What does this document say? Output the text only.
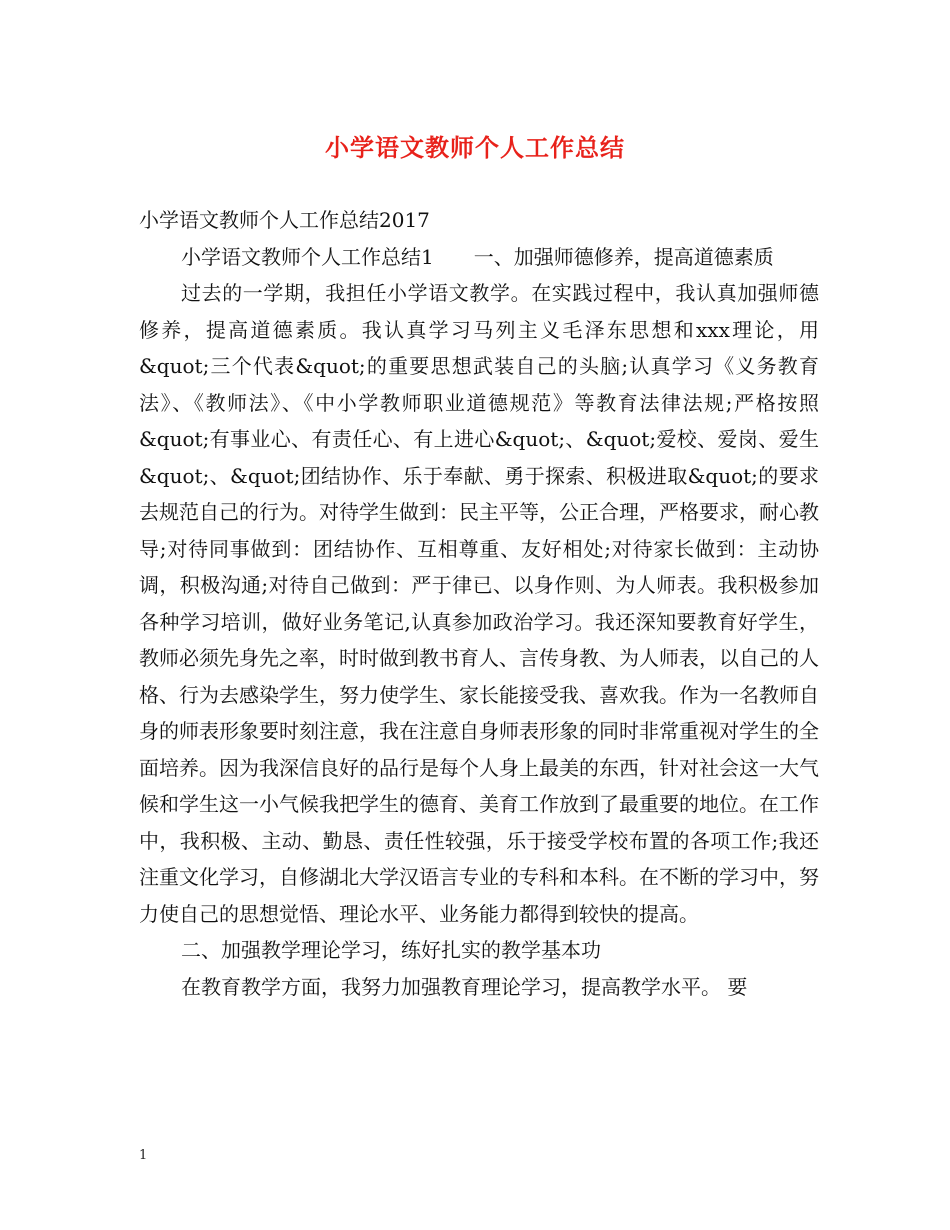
小学语文教师个人工作总结

小学语文教师个人工作总结2017

小学语文教师个人工作总结1　　一、加强师德修养，提高道德素质

过去的一学期，我担任小学语文教学。在实践过程中，我认真加强师德修养，提高道德素质。我认真学习马列主义毛泽东思想和xxx理论，用&quot;三个代表&quot;的重要思想武装自己的头脑;认真学习《义务教育法》、《教师法》、《中小学教师职业道德规范》等教育法律法规;严格按照&quot;有事业心、有责任心、有上进心&quot;、&quot;爱校、爱岗、爱生&quot;、&quot;团结协作、乐于奉献、勇于探索、积极进取&quot;的要求去规范自己的行为。对待学生做到：民主平等，公正合理，严格要求，耐心教导;对待同事做到：团结协作、互相尊重、友好相处;对待家长做到：主动协调，积极沟通;对待自己做到：严于律已、以身作则、为人师表。我积极参加各种学习培训，做好业务笔记,认真参加政治学习。我还深知要教育好学生，教师必须先身先之率，时时做到教书育人、言传身教、为人师表，以自己的人格、行为去感染学生，努力使学生、家长能接受我、喜欢我。作为一名教师自身的师表形象要时刻注意，我在注意自身师表形象的同时非常重视对学生的全面培养。因为我深信良好的品行是每个人身上最美的东西，针对社会这一大气候和学生这一小气候我把学生的德育、美育工作放到了最重要的地位。在工作中，我积极、主动、勤恳、责任性较强，乐于接受学校布置的各项工作;我还注重文化学习，自修湖北大学汉语言专业的专科和本科。在不断的学习中，努力使自己的思想觉悟、理论水平、业务能力都得到较快的提高。

二、加强教学理论学习，练好扎实的教学基本功

在教育教学方面，我努力加强教育理论学习，提高教学水平。 要

1
